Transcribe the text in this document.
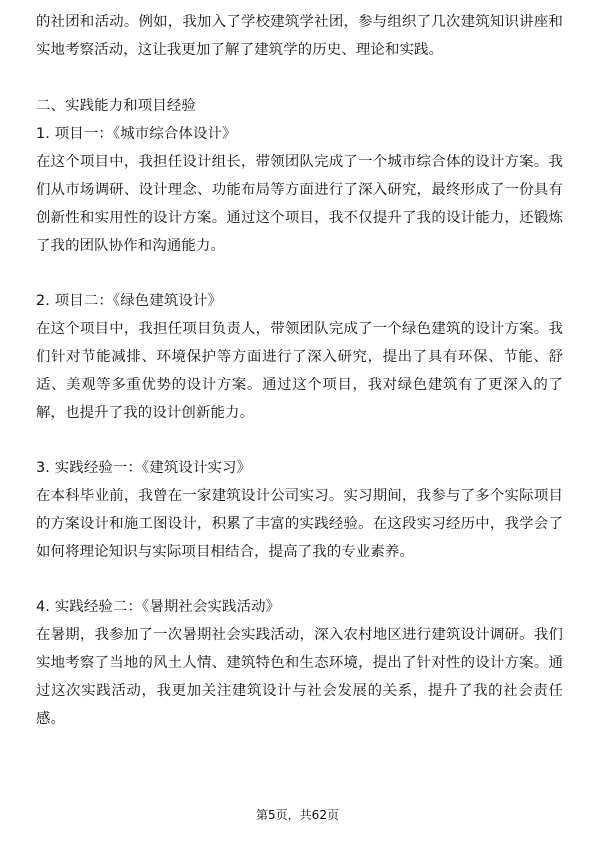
的社团和活动。例如，我加入了学校建筑学社团，参与组织了几次建筑知识讲座和实地考察活动，这让我更加了解了建筑学的历史、理论和实践。

二、实践能力和项目经验

1. 项目一：《城市综合体设计》

在这个项目中，我担任设计组长，带领团队完成了一个城市综合体的设计方案。我们从市场调研、设计理念、功能布局等方面进行了深入研究，最终形成了一份具有创新性和实用性的设计方案。通过这个项目，我不仅提升了我的设计能力，还锻炼了我的团队协作和沟通能力。

2. 项目二：《绿色建筑设计》

在这个项目中，我担任项目负责人，带领团队完成了一个绿色建筑的设计方案。我们针对节能减排、环境保护等方面进行了深入研究，提出了具有环保、节能、舒适、美观等多重优势的设计方案。通过这个项目，我对绿色建筑有了更深入的了解，也提升了我的设计创新能力。

3. 实践经验一：《建筑设计实习》

在本科毕业前，我曾在一家建筑设计公司实习。实习期间，我参与了多个实际项目的方案设计和施工图设计，积累了丰富的实践经验。在这段实习经历中，我学会了如何将理论知识与实际项目相结合，提高了我的专业素养。

4. 实践经验二：《暑期社会实践活动》

在暑期，我参加了一次暑期社会实践活动，深入农村地区进行建筑设计调研。我们实地考察了当地的风土人情、建筑特色和生态环境，提出了针对性的设计方案。通过这次实践活动，我更加关注建筑设计与社会发展的关系，提升了我的社会责任感。

第5页，共62页
